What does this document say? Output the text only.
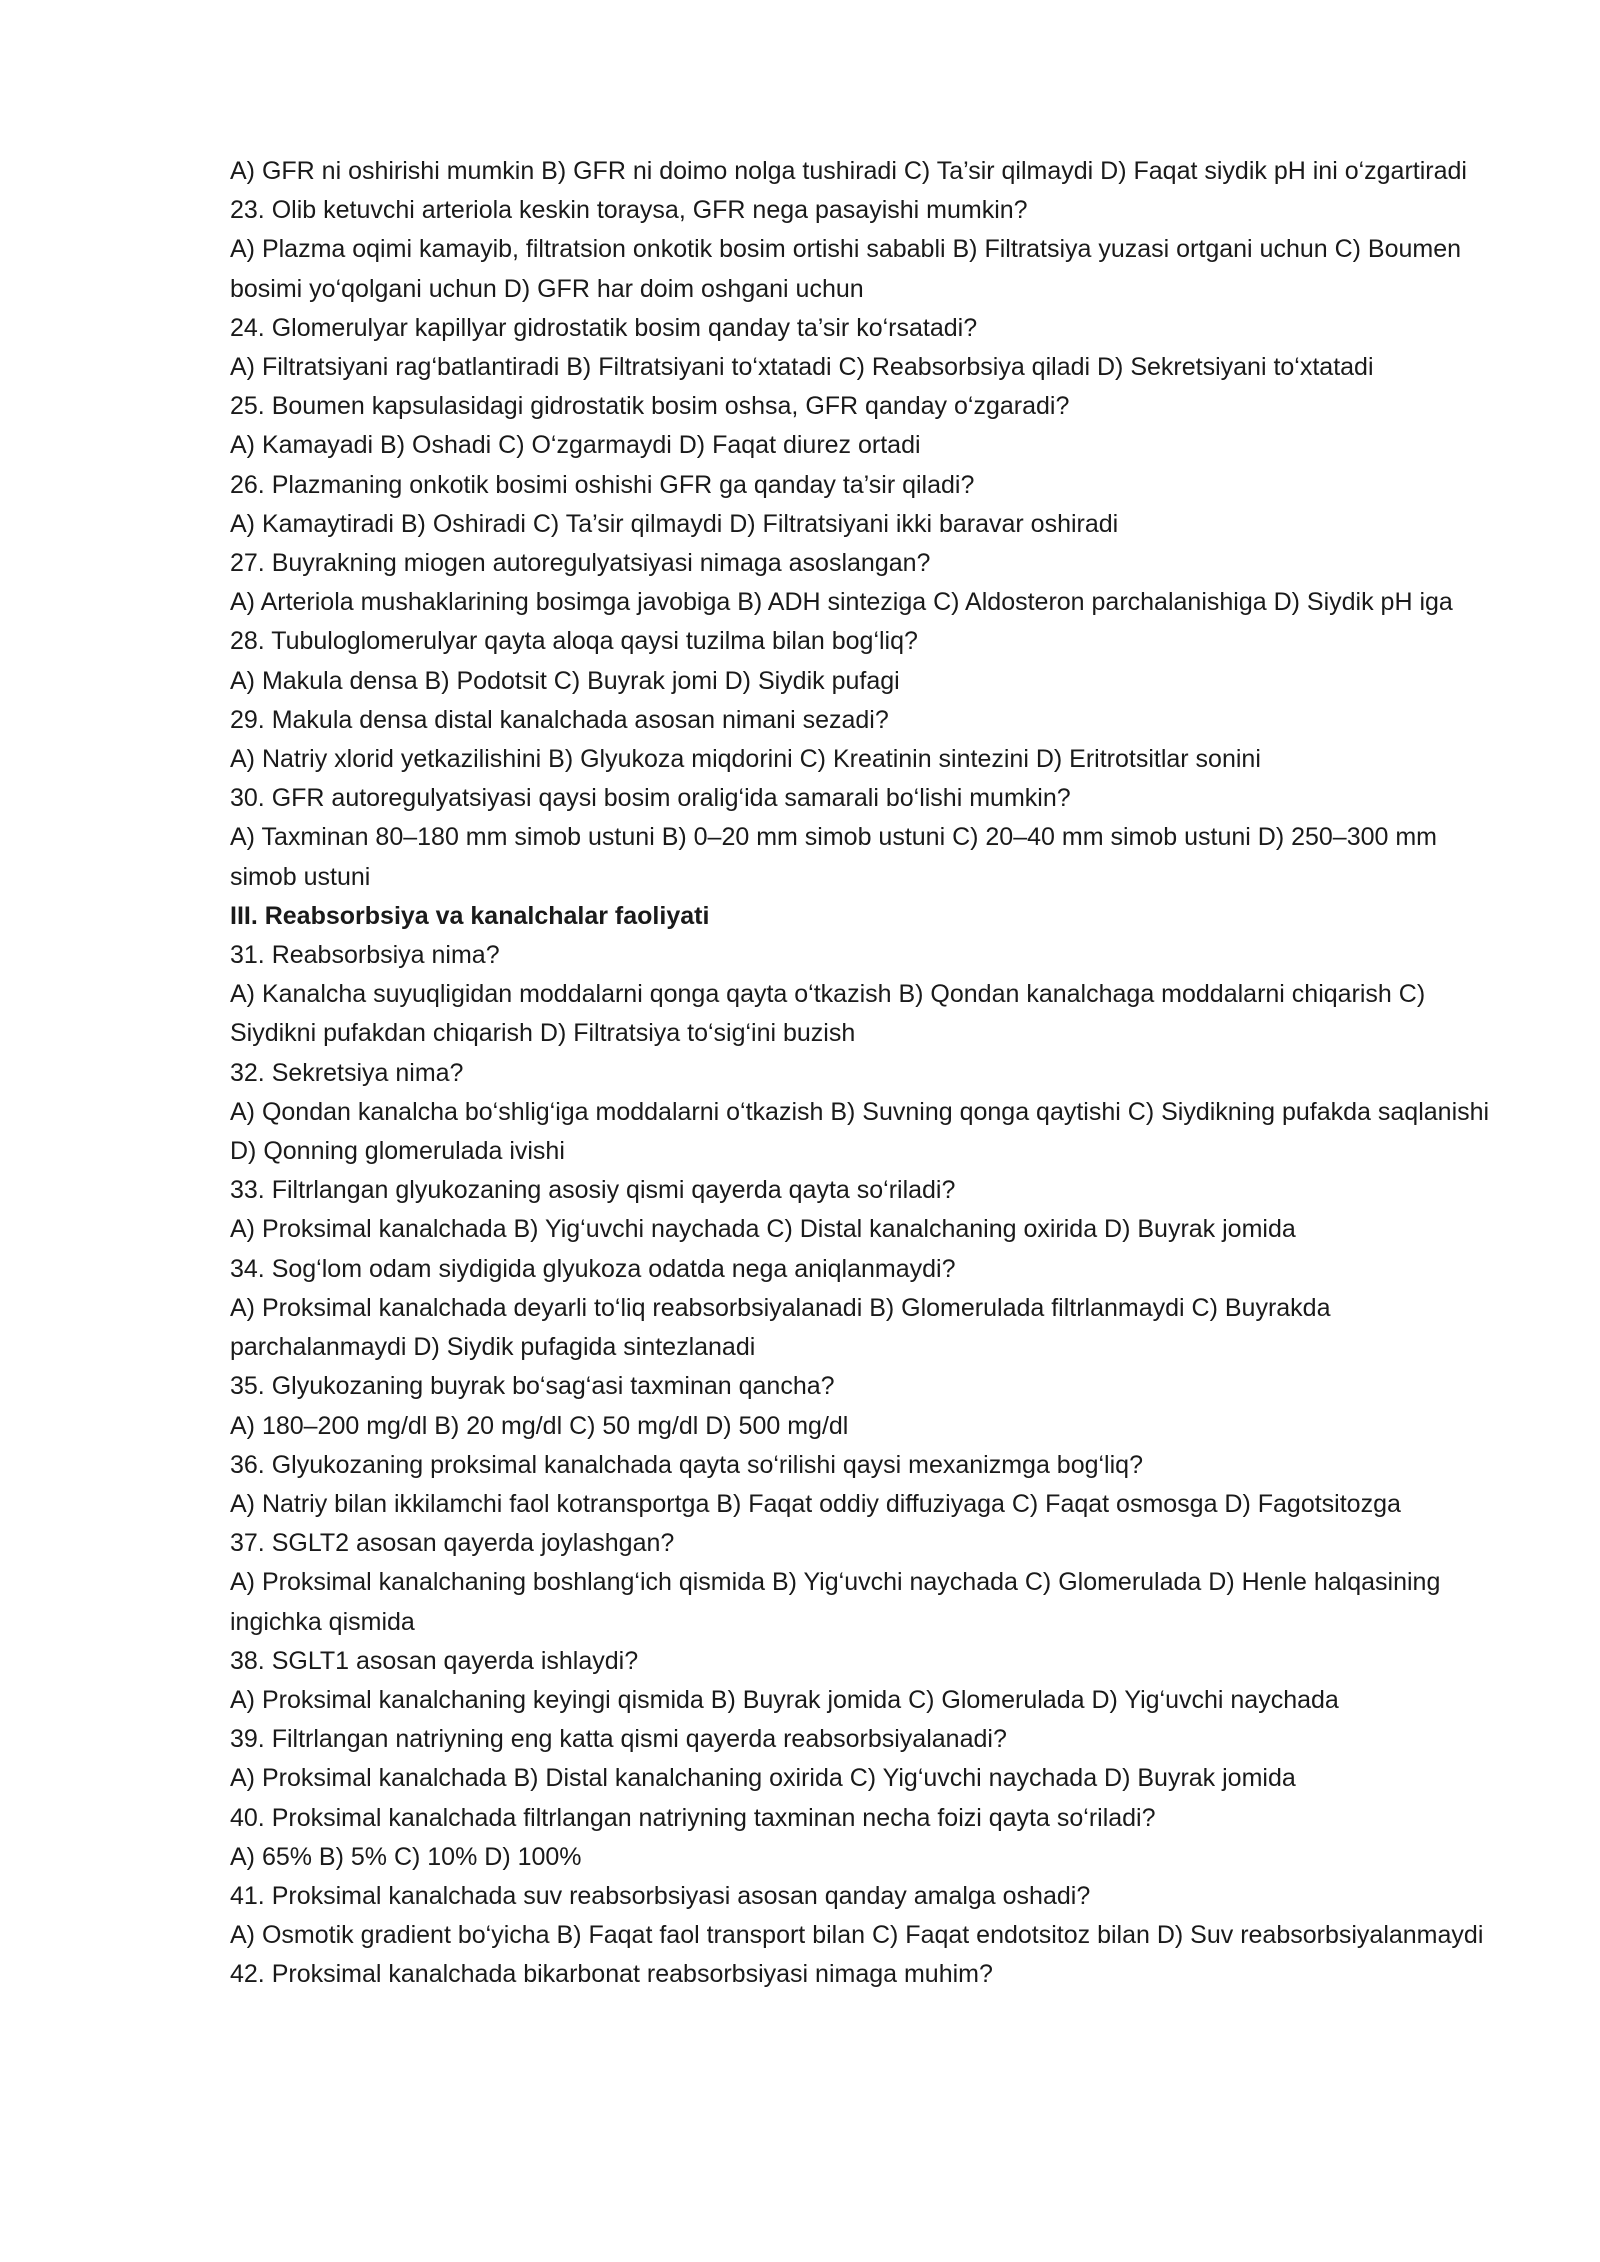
A) GFR ni oshirishi mumkin B) GFR ni doimo nolga tushiradi C) Ta’sir qilmaydi D) Faqat siydik pH ini o‘zgartiradi

23. Olib ketuvchi arteriola keskin toraysa, GFR nega pasayishi mumkin?

A) Plazma oqimi kamayib, filtratsion onkotik bosim ortishi sababli B) Filtratsiya yuzasi ortgani uchun C) Boumen bosimi yo‘qolgani uchun D) GFR har doim oshgani uchun

24. Glomerulyar kapillyar gidrostatik bosim qanday ta’sir ko‘rsatadi?

A) Filtratsiyani rag‘batlantiradi B) Filtratsiyani to‘xtatadi C) Reabsorbsiya qiladi D) Sekretsiyani to‘xtatadi

25. Boumen kapsulasidagi gidrostatik bosim oshsa, GFR qanday o‘zgaradi?

A) Kamayadi B) Oshadi C) O‘zgarmaydi D) Faqat diurez ortadi

26. Plazmaning onkotik bosimi oshishi GFR ga qanday ta’sir qiladi?

A) Kamaytiradi B) Oshiradi C) Ta’sir qilmaydi D) Filtratsiyani ikki baravar oshiradi

27. Buyrakning miogen autoregulyatsiyasi nimaga asoslangan?

A) Arteriola mushaklarining bosimga javobiga B) ADH sinteziga C) Aldosteron parchalanishiga D) Siydik pH iga

28. Tubuloglomerulyar qayta aloqa qaysi tuzilma bilan bog‘liq?

A) Makula densa B) Podotsit C) Buyrak jomi D) Siydik pufagi

29. Makula densa distal kanalchada asosan nimani sezadi?

A) Natriy xlorid yetkazilishini B) Glyukoza miqdorini C) Kreatinin sintezini D) Eritrotsitlar sonini

30. GFR autoregulyatsiyasi qaysi bosim oralig‘ida samarali bo‘lishi mumkin?

A) Taxminan 80–180 mm simob ustuni B) 0–20 mm simob ustuni C) 20–40 mm simob ustuni D) 250–300 mm simob ustuni

III. Reabsorbsiya va kanalchalar faoliyati

31. Reabsorbsiya nima?

A) Kanalcha suyuqligidan moddalarni qonga qayta o‘tkazish B) Qondan kanalchaga moddalarni chiqarish C) Siydikni pufakdan chiqarish D) Filtratsiya to‘sig‘ini buzish

32. Sekretsiya nima?

A) Qondan kanalcha bo‘shlig‘iga moddalarni o‘tkazish B) Suvning qonga qaytishi C) Siydikning pufakda saqlanishi D) Qonning glomerulada ivishi

33. Filtrlangan glyukozaning asosiy qismi qayerda qayta so‘riladi?

A) Proksimal kanalchada B) Yig‘uvchi naychada C) Distal kanalchaning oxirida D) Buyrak jomida

34. Sog‘lom odam siydigida glyukoza odatda nega aniqlanmaydi?

A) Proksimal kanalchada deyarli to‘liq reabsorbsiyalanadi B) Glomerulada filtrlanmaydi C) Buyrakda parchalanmaydi D) Siydik pufagida sintezlanadi

35. Glyukozaning buyrak bo‘sag‘asi taxminan qancha?

A) 180–200 mg/dl B) 20 mg/dl C) 50 mg/dl D) 500 mg/dl

36. Glyukozaning proksimal kanalchada qayta so‘rilishi qaysi mexanizmga bog‘liq?

A) Natriy bilan ikkilamchi faol kotransportga B) Faqat oddiy diffuziyaga C) Faqat osmosga D) Fagotsitozga

37. SGLT2 asosan qayerda joylashgan?

A) Proksimal kanalchaning boshlang‘ich qismida B) Yig‘uvchi naychada C) Glomerulada D) Henle halqasining ingichka qismida

38. SGLT1 asosan qayerda ishlaydi?

A) Proksimal kanalchaning keyingi qismida B) Buyrak jomida C) Glomerulada D) Yig‘uvchi naychada

39. Filtrlangan natriyning eng katta qismi qayerda reabsorbsiyalanadi?

A) Proksimal kanalchada B) Distal kanalchaning oxirida C) Yig‘uvchi naychada D) Buyrak jomida

40. Proksimal kanalchada filtrlangan natriyning taxminan necha foizi qayta so‘riladi?

A) 65% B) 5% C) 10% D) 100%

41. Proksimal kanalchada suv reabsorbsiyasi asosan qanday amalga oshadi?

A) Osmotik gradient bo‘yicha B) Faqat faol transport bilan C) Faqat endotsitoz bilan D) Suv reabsorbsiyalanmaydi

42. Proksimal kanalchada bikarbonat reabsorbsiyasi nimaga muhim?
